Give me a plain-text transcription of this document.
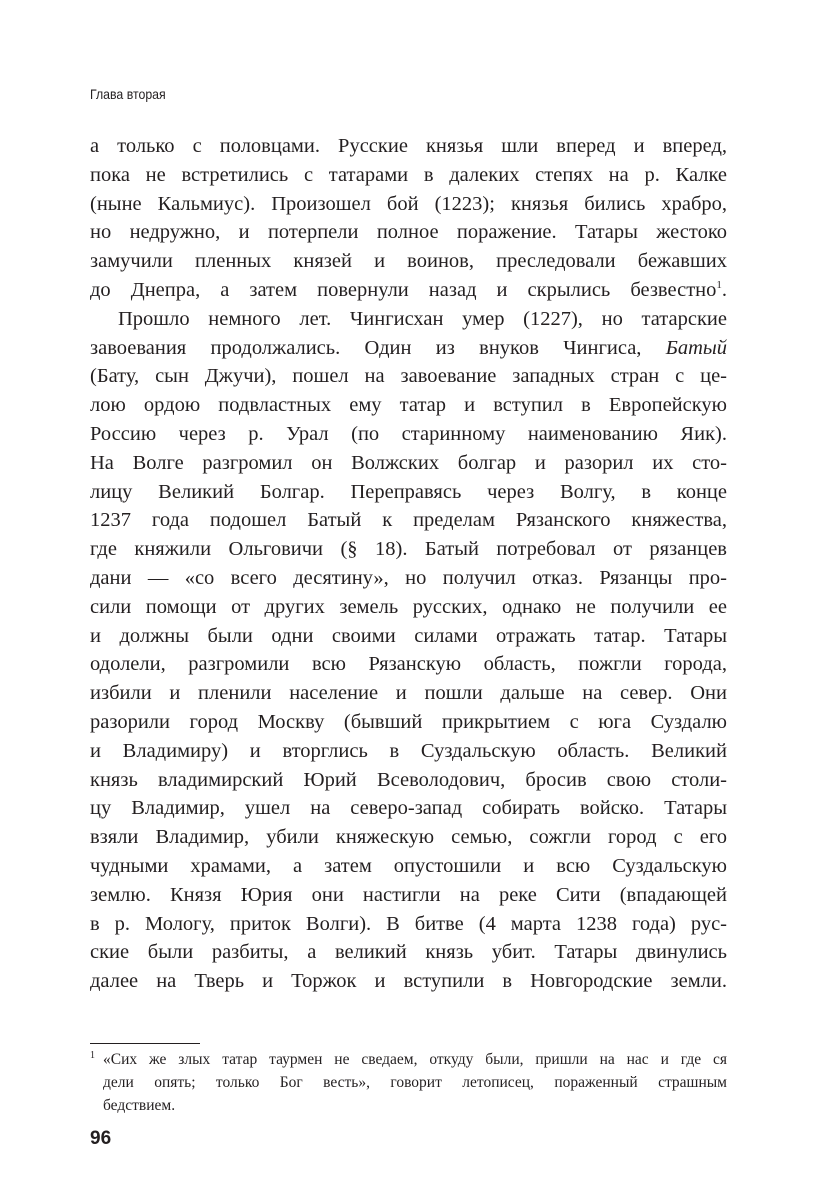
Глава вторая
а только с половцами. Русские князья шли вперед и вперед,
пока не встретились с татарами в далеких степях на р. Калке
(ныне Кальмиус). Произошел бой (1223); князья бились храбро,
но недружно, и потерпели полное поражение. Татары жестоко
замучили пленных князей и воинов, преследовали бежавших
до Днепра, а затем повернули назад и скрылись безвестно$^1$.
Прошло немного лет. Чингисхан умер (1227), но татарские
завоевания продолжались. Один из внуков Чингиса, Батый
(Бату, сын Джучи), пошел на завоевание западных стран с це-
лою ордою подвластных ему татар и вступил в Европейскую
Россию через р. Урал (по старинному наименованию Яик).
На Волге разгромил он Волжских болгар и разорил их сто-
лицу Великий Болгар. Переправясь через Волгу, в конце
1237 года подошел Батый к пределам Рязанского княжества,
где княжили Ольговичи (§ 18). Батый потребовал от рязанцев
дани — «со всего десятину», но получил отказ. Рязанцы про-
сили помощи от других земель русских, однако не получили ее
и должны были одни своими силами отражать татар. Татары
одолели, разгромили всю Рязанскую область, пожгли города,
избили и пленили население и пошли дальше на север. Они
разорили город Москву (бывший прикрытием с юга Суздалю
и Владимиру) и вторглись в Суздальскую область. Великий
князь владимирский Юрий Всеволодович, бросив свою столи-
цу Владимир, ушел на северо-запад собирать войско. Татары
взяли Владимир, убили княжескую семью, сожгли город с его
чудными храмами, а затем опустошили и всю Суздальскую
землю. Князя Юрия они настигли на реке Сити (впадающей
в р. Мологу, приток Волги). В битве (4 марта 1238 года) рус-
ские были разбиты, а великий князь убит. Татары двинулись
далее на Тверь и Торжок и вступили в Новгородские земли.
1 «Сих же злых татар таурмен не сведаем, откуду были, пришли на нас и где ся
дели опять; только Бог весть», говорит летописец, пораженный страшным
бедствием.
96
